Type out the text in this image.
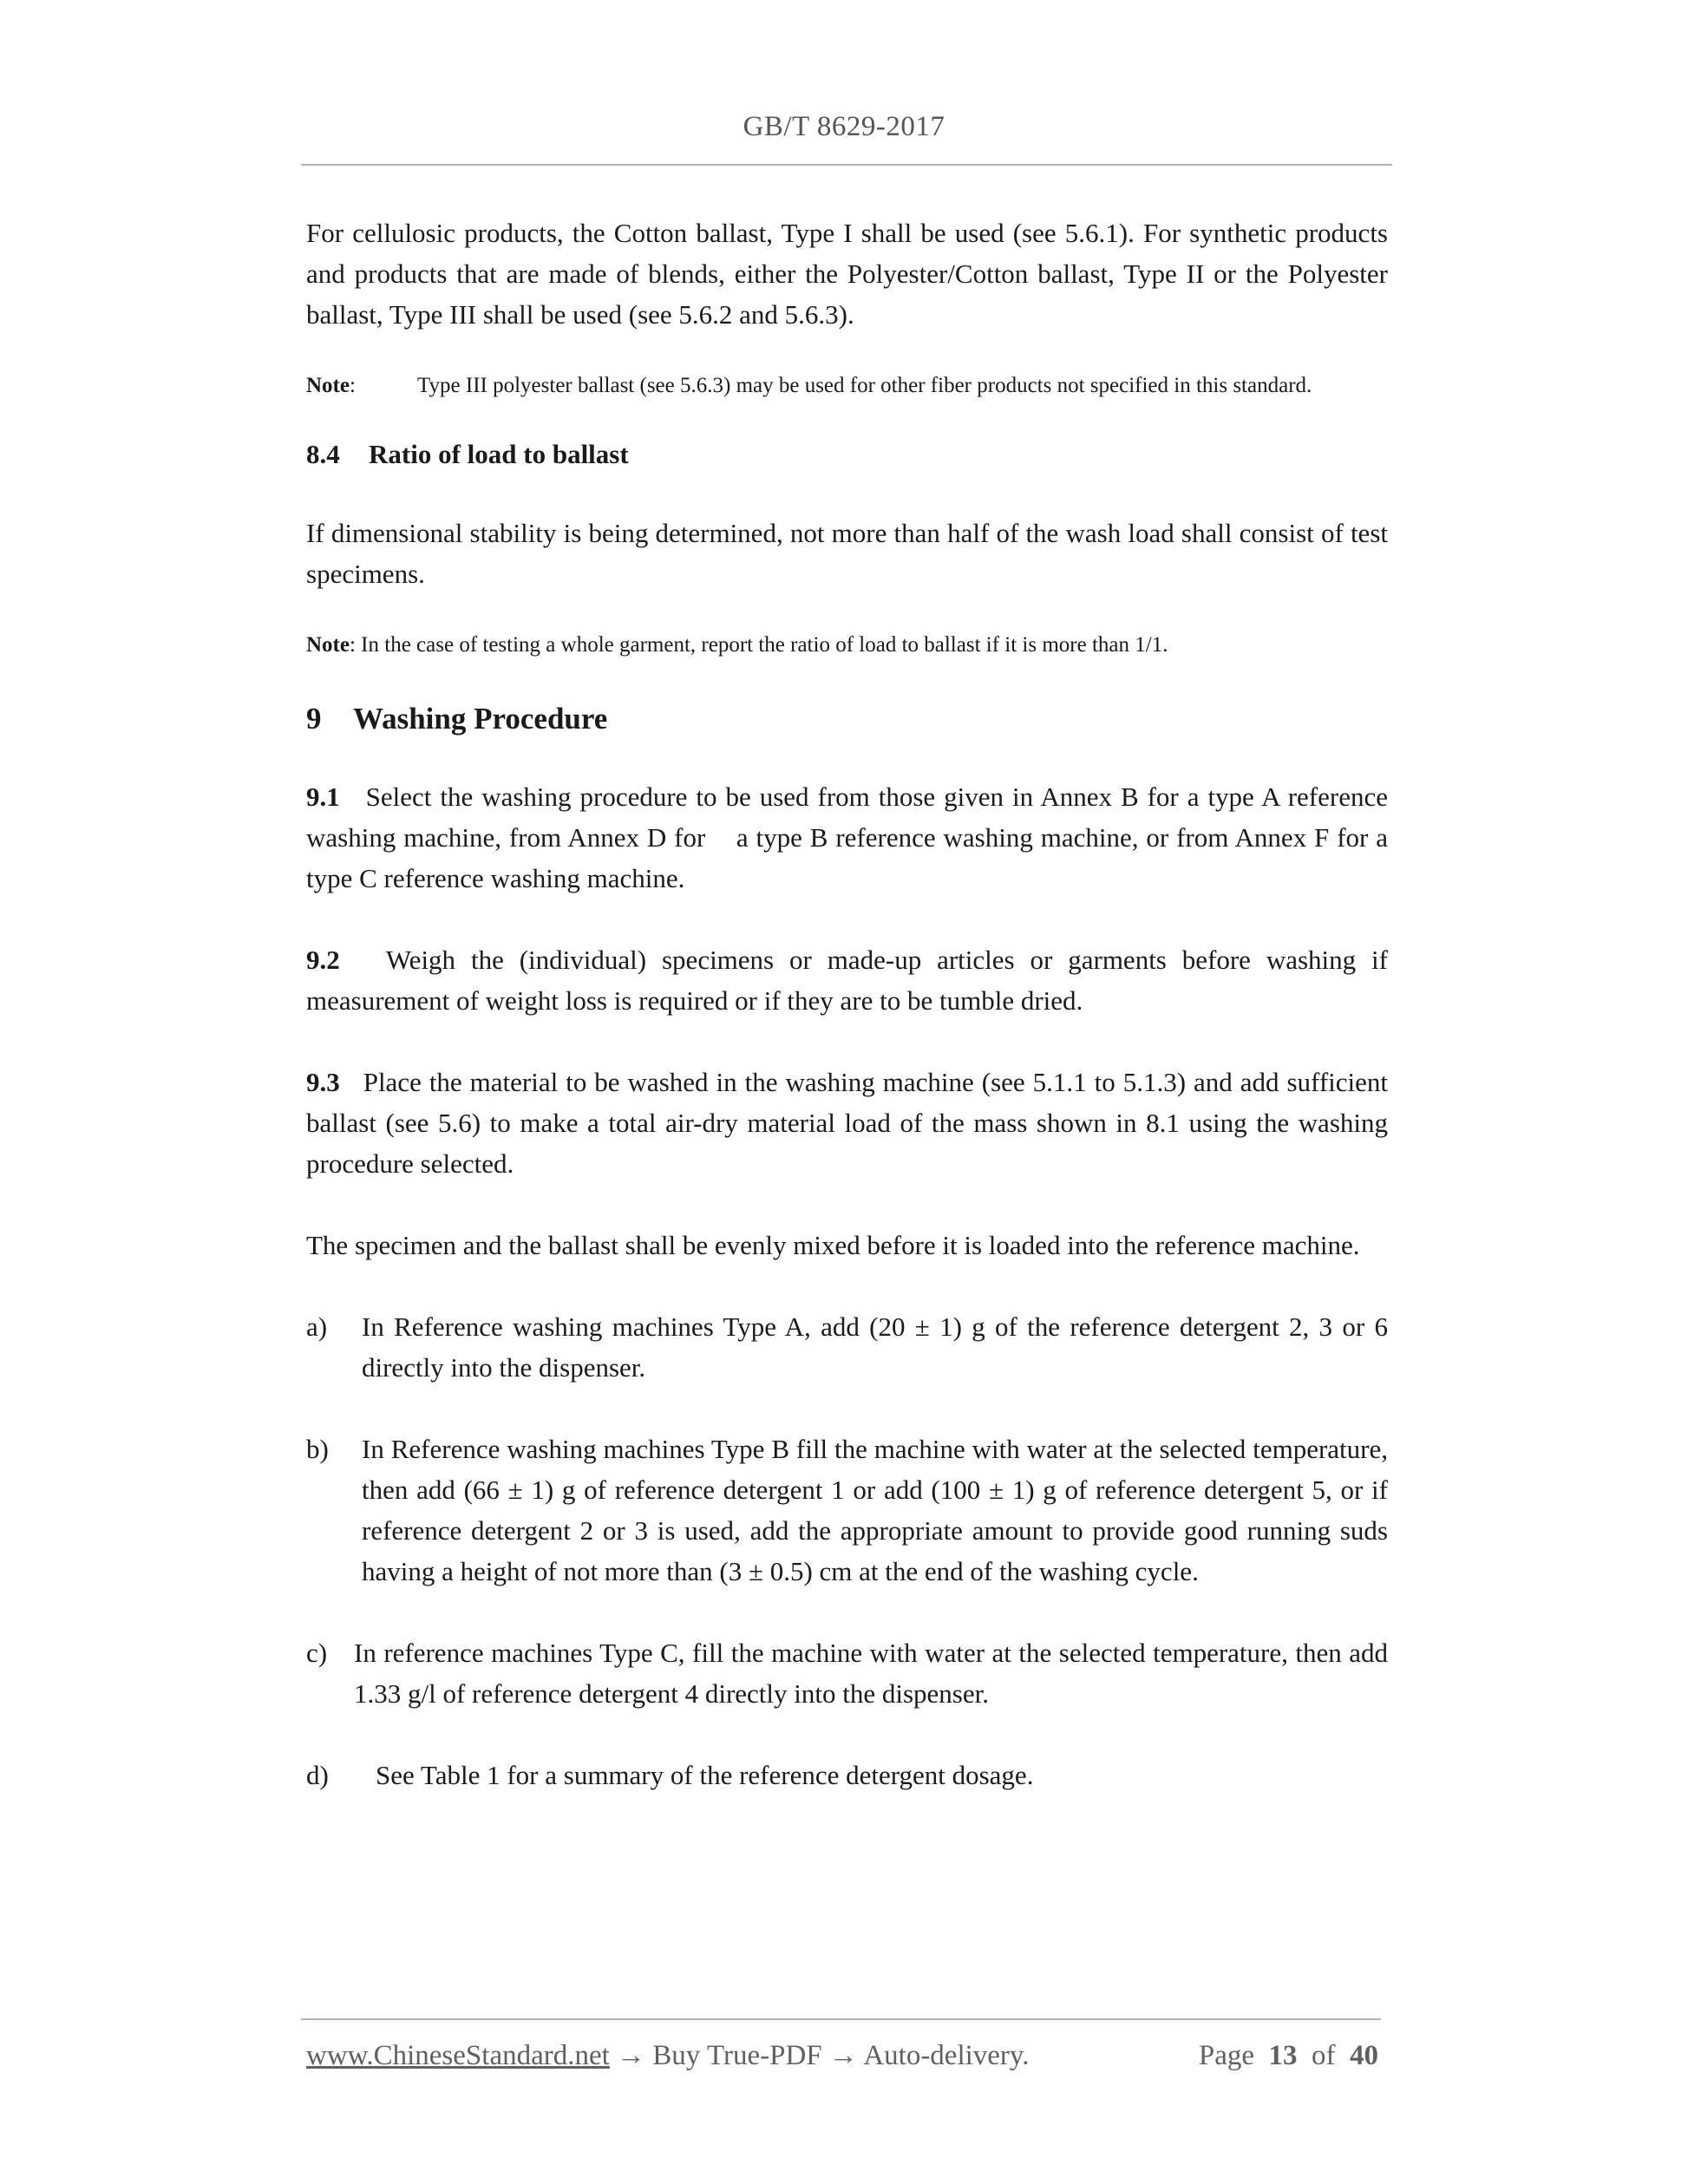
GB/T 8629-2017

For cellulosic products, the Cotton ballast, Type I shall be used (see 5.6.1). For synthetic products and products that are made of blends, either the Polyester/Cotton ballast, Type II or the Polyester ballast, Type III shall be used (see 5.6.2 and 5.6.3).

Note:	Type III polyester ballast (see 5.6.3) may be used for other fiber products not specified in this standard.

8.4 Ratio of load to ballast

If dimensional stability is being determined, not more than half of the wash load shall consist of test specimens.

Note: In the case of testing a whole garment, report the ratio of load to ballast if it is more than 1/1.

9 Washing Procedure

9.1 Select the washing procedure to be used from those given in Annex B for a type A reference washing machine, from Annex D for    a type B reference washing machine, or from Annex F for a type C reference washing machine.

9.2 Weigh the (individual) specimens or made-up articles or garments before washing if measurement of weight loss is required or if they are to be tumble dried.

9.3 Place the material to be washed in the washing machine (see 5.1.1 to 5.1.3) and add sufficient ballast (see 5.6) to make a total air-dry material load of the mass shown in 8.1 using the washing procedure selected.

The specimen and the ballast shall be evenly mixed before it is loaded into the reference machine.

a)	In Reference washing machines Type A, add (20 ± 1) g of the reference detergent 2, 3 or 6 directly into the dispenser.
b)	In Reference washing machines Type B fill the machine with water at the selected temperature, then add (66 ± 1) g of reference detergent 1 or add (100 ± 1) g of reference detergent 5, or if reference detergent 2 or 3 is used, add the appropriate amount to provide good running suds having a height of not more than (3 ± 0.5) cm at the end of the washing cycle.
c) In reference machines Type C, fill the machine with water at the selected temperature, then add 1.33 g/l of reference detergent 4 directly into the dispenser.
d)	See Table 1 for a summary of the reference detergent dosage.
www.ChineseStandard.net → Buy True-PDF → Auto-delivery.	Page 13 of 40
